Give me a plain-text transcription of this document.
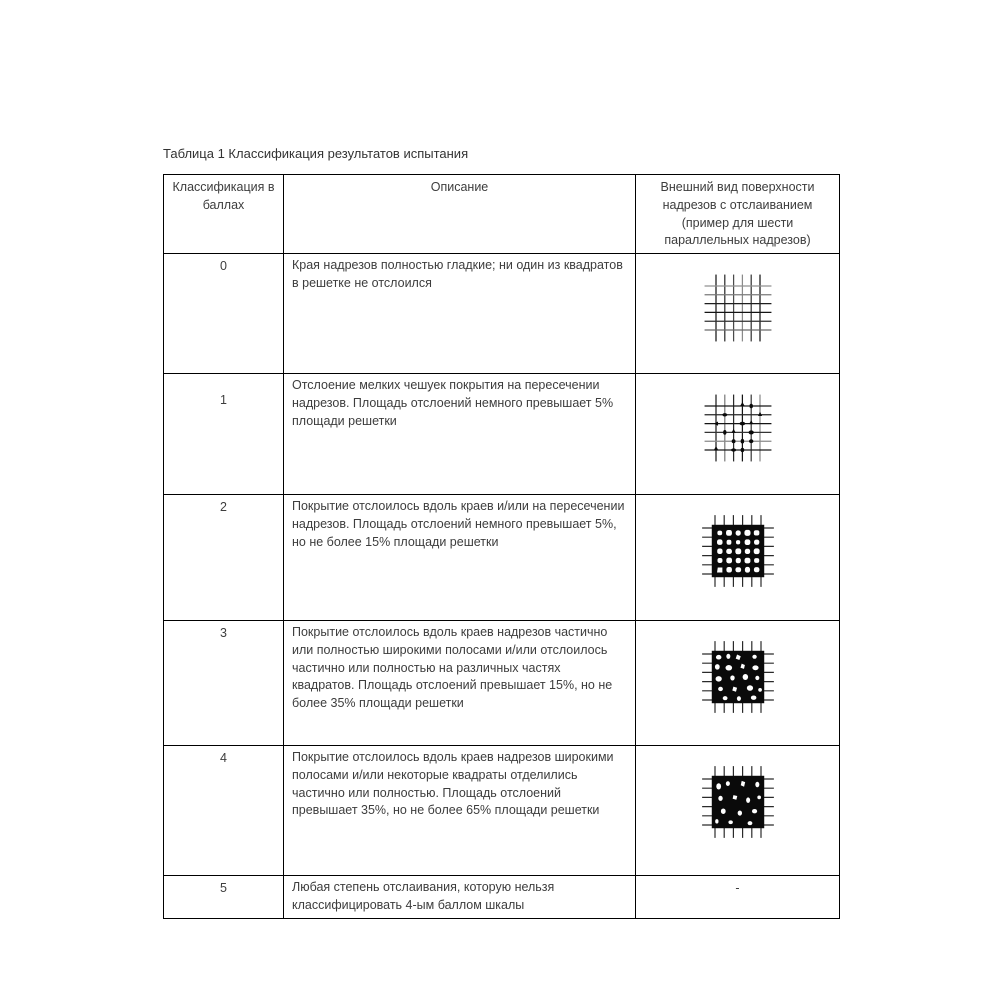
Таблица 1 Классификация результатов испытания
Классификация в баллах	Описание	Внешний вид поверхности надрезов с отслаиванием (пример для шести параллельных надрезов)
0	Края надрезов полностью гладкие; ни один из квадратов в решетке не отслоился	
1	Отслоение мелких чешуек покрытия на пересечении надрезов. Площадь отслоений немного превышает 5% площади решетки	
2	Покрытие отслоилось вдоль краев и/или на пересечении надрезов. Площадь отслоений немного превышает 5%, но не более 15% площади решетки	
3	Покрытие отслоилось вдоль краев надрезов частично или полностью широкими полосами и/или отслоилось частично или полностью на различных частях квадратов. Площадь отслоений превышает 15%, но не более 35% площади решетки	
4	Покрытие отслоилось вдоль краев надрезов широкими полосами и/или некоторые квадраты отделились частично или полностью. Площадь отслоений превышает 35%, но не более 65% площади решетки	
5	Любая степень отслаивания, которую нельзя классифицировать 4-ым баллом шкалы	-
